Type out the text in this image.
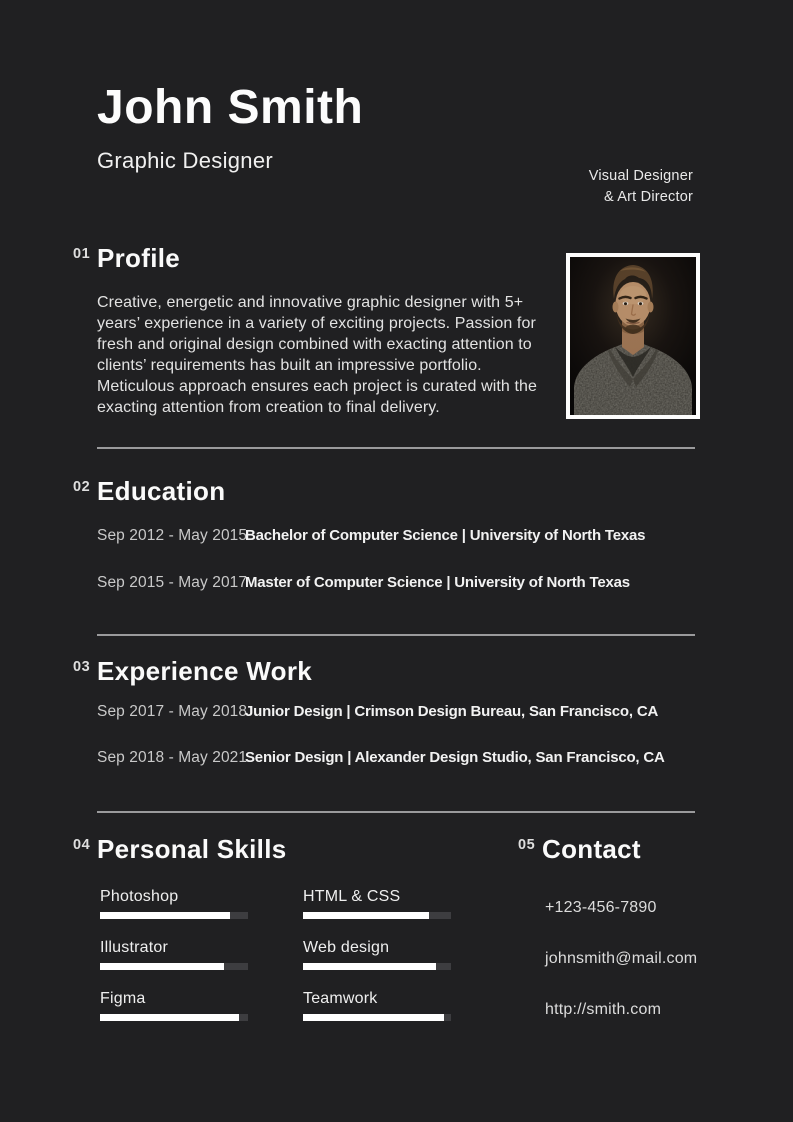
John Smith
Graphic Designer
Visual Designer
& Art Director
01 Profile

Creative, energetic and innovative graphic designer with 5+ years’ experience in a variety of exciting projects. Passion for fresh and original design combined with exacting attention to clients’ requirements has built an impressive portfolio. Meticulous approach ensures each project is curated with the exacting attention from creation to final delivery.

02 Education
Sep 2012 - May 2015
Bachelor of Computer Science | University of North Texas
Sep 2015 - May 2017
Master of Computer Science | University of North Texas
03 Experience Work
Sep 2017 - May 2018
Junior Design | Crimson Design Bureau, San Francisco, CA
Sep 2018 - May 2021
Senior Design | Alexander Design Studio, San Francisco, CA
04 Personal Skills
Photoshop
Illustrator
Figma
HTML & CSS
Web design
Teamwork
05 Contact
+123-456-7890
johnsmith@mail.com
http://smith.com
